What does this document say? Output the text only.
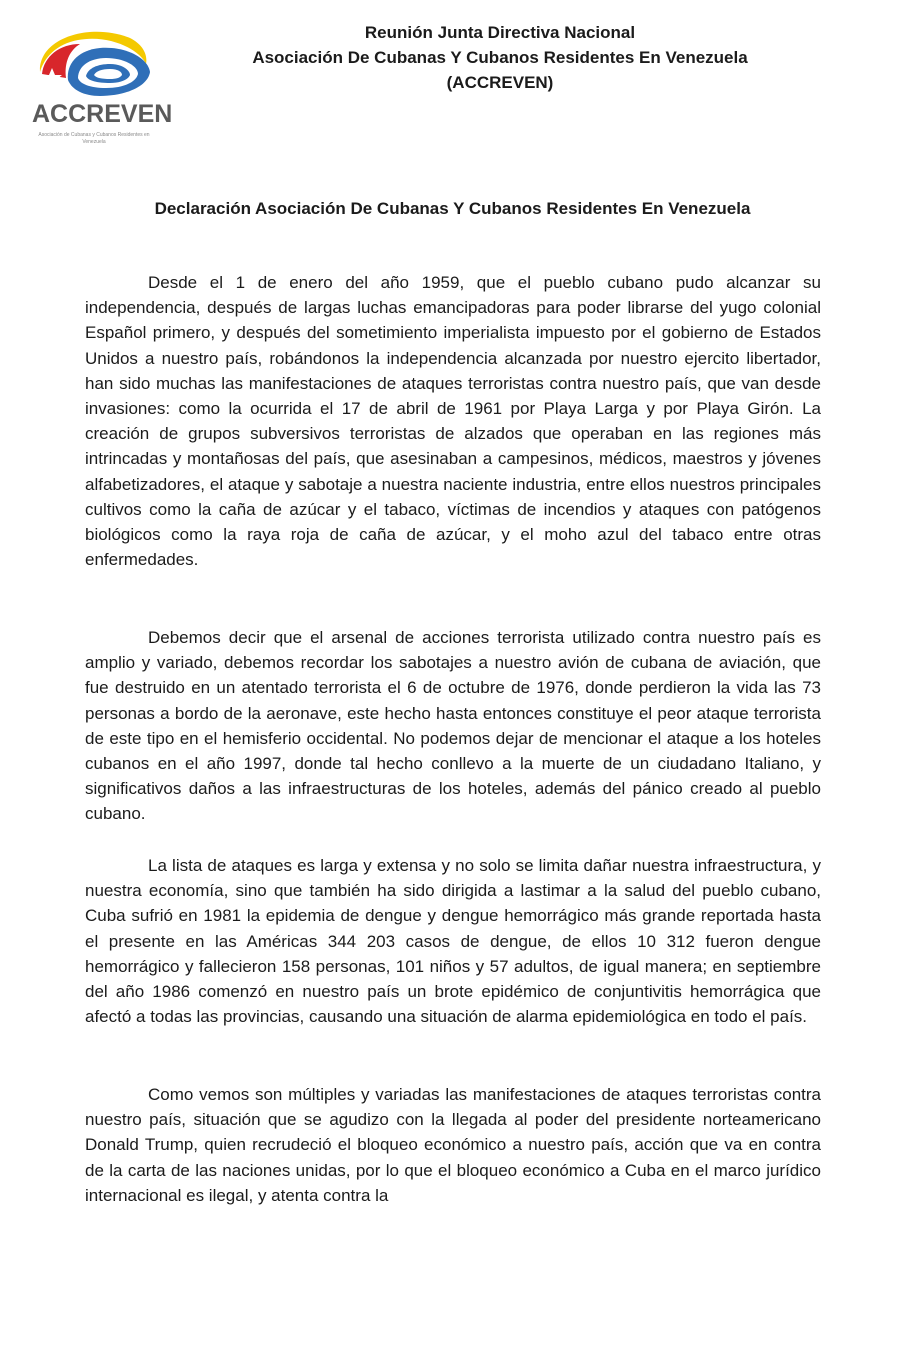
ACCREVEN
Asociación de Cubanas y Cubanos Residentes en Venezuela
Reunión Junta Directiva Nacional
Asociación De Cubanas Y Cubanos Residentes En Venezuela
(ACCREVEN)
Declaración Asociación De Cubanas Y Cubanos Residentes En Venezuela

Desde el 1 de enero del año 1959, que el pueblo cubano pudo alcanzar su independencia, después de largas luchas emancipadoras para poder librarse del yugo colonial Español primero, y después del sometimiento imperialista impuesto por el gobierno de Estados Unidos a nuestro país, robándonos la independencia alcanzada por nuestro ejercito libertador, han sido muchas las manifestaciones de ataques terroristas contra nuestro país, que van desde invasiones: como la ocurrida el 17 de abril de 1961 por Playa Larga y por Playa Girón. La creación de grupos subversivos terroristas de alzados que operaban en las regiones más intrincadas y montañosas del país, que asesinaban a campesinos, médicos, maestros y jóvenes alfabetizadores, el ataque y sabotaje a nuestra naciente industria, entre ellos nuestros principales cultivos como la caña de azúcar y el tabaco, víctimas de incendios y ataques con patógenos biológicos como la raya roja de caña de azúcar, y el moho azul del tabaco entre otras enfermedades.

Debemos decir que el arsenal de acciones terrorista utilizado contra nuestro país es amplio y variado, debemos recordar los sabotajes a nuestro avión de cubana de aviación, que fue destruido en un atentado terrorista el 6 de octubre de 1976, donde perdieron la vida las 73 personas a bordo de la aeronave, este hecho hasta entonces constituye el peor ataque terrorista de este tipo en el hemisferio occidental. No podemos dejar de mencionar el ataque a los hoteles cubanos en el año 1997, donde tal hecho conllevo a la muerte de un ciudadano Italiano, y significativos daños a las infraestructuras de los hoteles, además del pánico creado al pueblo cubano.

La lista de ataques es larga y extensa y no solo se limita dañar nuestra infraestructura, y nuestra economía, sino que también ha sido dirigida a lastimar a la salud del pueblo cubano, Cuba sufrió en 1981 la epidemia de dengue y dengue hemorrágico más grande reportada hasta el presente en las Américas 344 203 casos de dengue, de ellos 10 312 fueron dengue hemorrágico y fallecieron 158 personas, 101 niños y 57 adultos, de igual manera; en septiembre del año 1986 comenzó en nuestro país un brote epidémico de conjuntivitis hemorrágica que afectó a todas las provincias, causando una situación de alarma epidemiológica en todo el país.

Como vemos son múltiples y variadas las manifestaciones de ataques terroristas contra nuestro país, situación que se agudizo con la llegada al poder del presidente norteamericano Donald Trump, quien recrudeció el bloqueo económico a nuestro país, acción que va en contra de la carta de las naciones unidas, por lo que el bloqueo económico a Cuba en el marco jurídico internacional es ilegal, y atenta contra la
